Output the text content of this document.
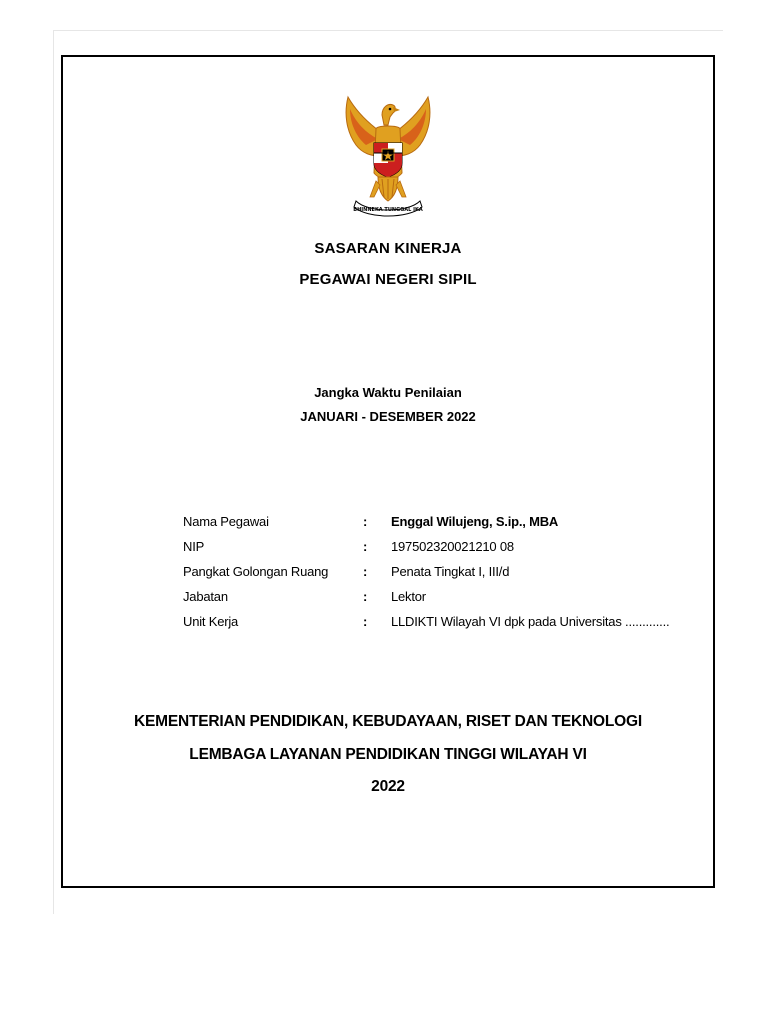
BHINNEKA TUNGGAL IKA
SASARAN KINERJA
PEGAWAI NEGERI SIPIL
Jangka Waktu Penilaian
JANUARI - DESEMBER 2022
Nama Pegawai	: Enggal Wilujeng, S.ip., MBA
NIP	: 197502320021210 08
Pangkat Golongan Ruang	: Penata Tingkat I, III/d
Jabatan	: Lektor
Unit Kerja	: LLDIKTI Wilayah VI dpk pada Universitas .............
KEMENTERIAN PENDIDIKAN, KEBUDAYAAN, RISET DAN TEKNOLOGI
LEMBAGA LAYANAN PENDIDIKAN TINGGI WILAYAH VI
2022
